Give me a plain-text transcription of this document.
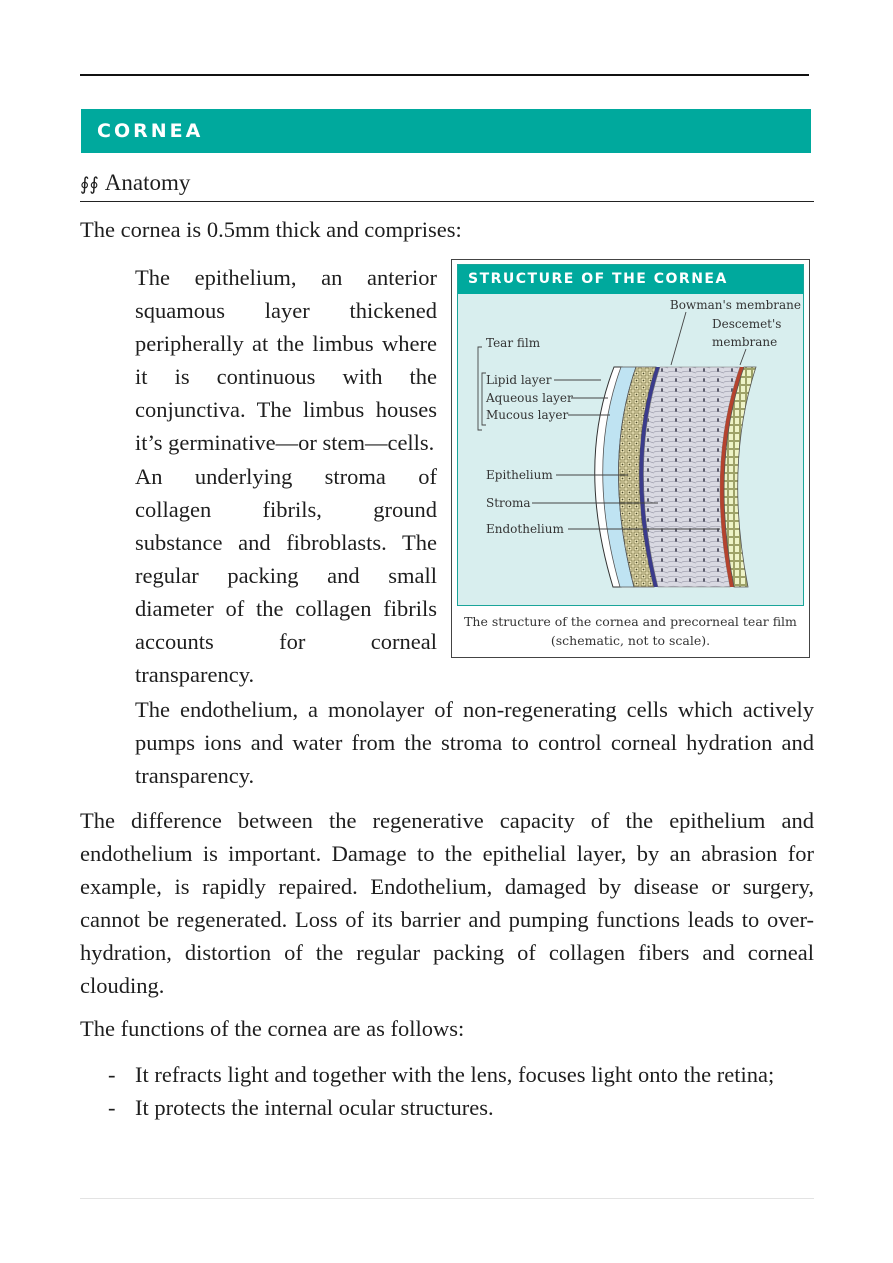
CORNEA
∮∮ Anatomy

The cornea is 0.5mm thick and comprises:

The epithelium, an anterior squamous layer thickened peripherally at the limbus where it is continuous with the conjunctiva. The limbus houses it’s germinative—or stem—cells.

An underlying stroma of collagen fibrils, ground substance and fibroblasts. The regular packing and small diameter of the collagen fibrils accounts for corneal transparency.

The endothelium, a monolayer of non-regenerating cells which actively pumps ions and water from the stroma to control corneal hydration and transparency.

The difference between the regenerative capacity of the epithelium and endothelium is important. Damage to the epithelial layer, by an abrasion for example, is rapidly repaired. Endothelium, damaged by disease or surgery, cannot be regenerated. Loss of its barrier and pumping functions leads to over-hydration, distortion of the regular packing of collagen fibers and corneal clouding.

The functions of the cornea are as follows:

- It refracts light and together with the lens, focuses light onto the retina;
- It protects the internal ocular structures.
STRUCTURE OF THE CORNEA
Bowman's membrane
Descemet's
membrane
Tear film
Lipid layer
Aqueous layer
Mucous layer
Epithelium
Stroma
Endothelium
The structure of the cornea and precorneal tear film
(schematic, not to scale).
